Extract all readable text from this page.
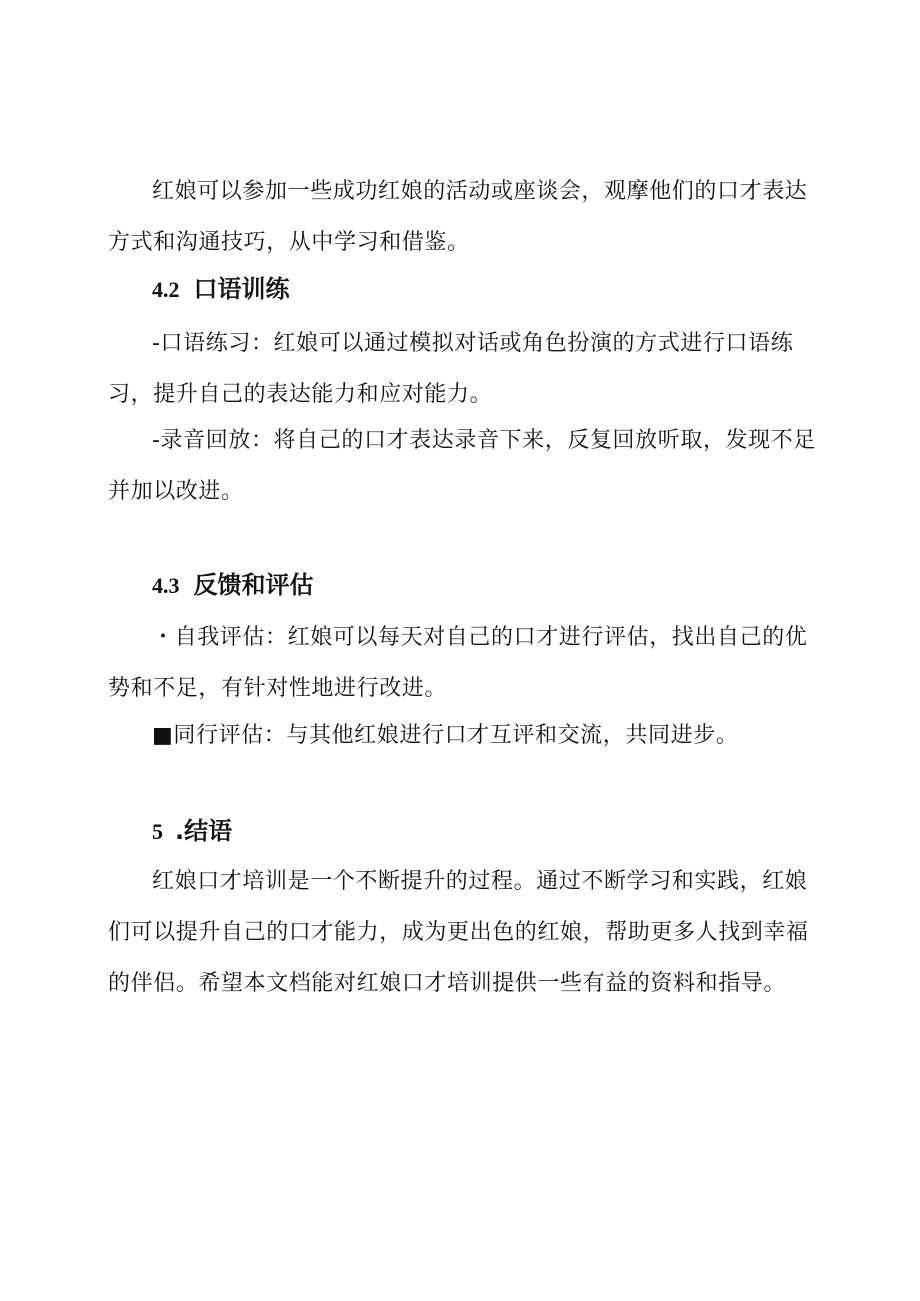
红娘可以参加一些成功红娘的活动或座谈会，观摩他们的口才表达方式和沟通技巧，从中学习和借鉴。

4.2 口语训练

-口语练习：红娘可以通过模拟对话或角色扮演的方式进行口语练习，提升自己的表达能力和应对能力。

-录音回放：将自己的口才表达录音下来，反复回放听取，发现不足并加以改进。

4.3 反馈和评估

・自我评估：红娘可以每天对自己的口才进行评估，找出自己的优势和不足，有针对性地进行改进。

■同行评估：与其他红娘进行口才互评和交流，共同进步。

5 .结语

红娘口才培训是一个不断提升的过程。通过不断学习和实践，红娘们可以提升自己的口才能力，成为更出色的红娘，帮助更多人找到幸福的伴侣。希望本文档能对红娘口才培训提供一些有益的资料和指导。
